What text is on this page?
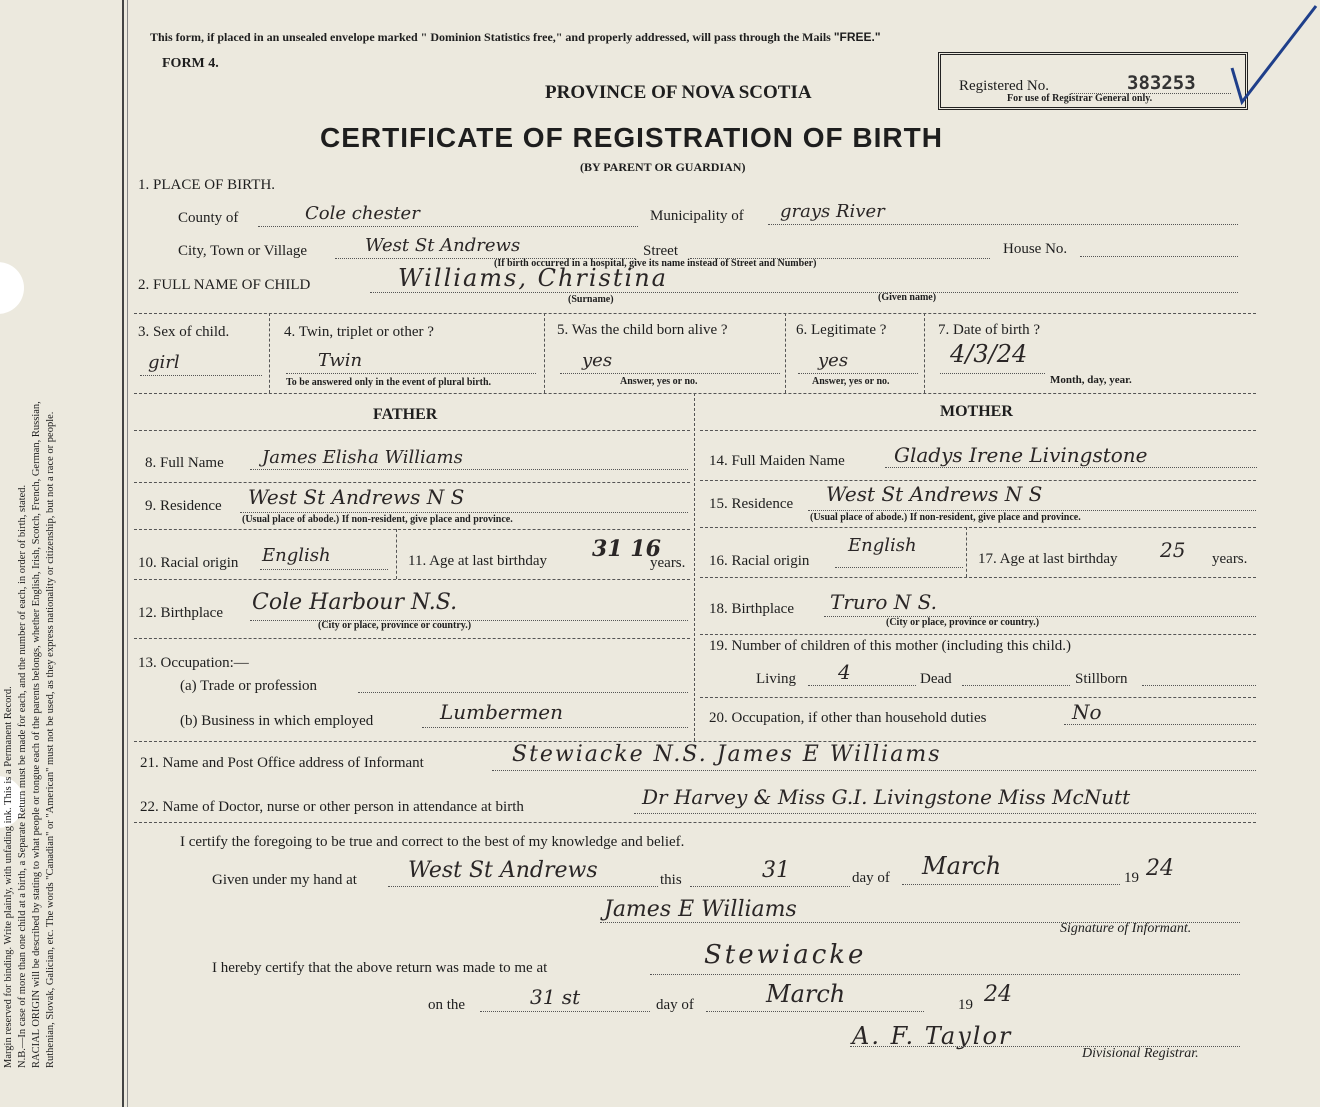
Margin reserved for binding. Write plainly, with unfading ink. This is a Permanent Record. N.B.—In case of more than one child at a birth, a Separate Return must be made for each, and the number of each, in order of birth, stated. RACIAL ORIGIN will be described by stating to what people or tongue each of the parents belongs, whether English, Irish, Scotch, French, German, Russian, Ruthenian, Slovak, Galician, etc. The words "Canadian" or "American" must not be used, as they express nationality or citizenship, but not a race or people.
This form, if placed in an unsealed envelope marked " Dominion Statistics free," and properly addressed, will pass through the Mails "FREE."
FORM 4.
Registered No.	383253
For use of Registrar General only.
PROVINCE OF NOVA SCOTIA
CERTIFICATE OF REGISTRATION OF BIRTH
(BY PARENT OR GUARDIAN)
1. PLACE OF BIRTH.
County of	Cole chester	Municipality of grays River
City, Town or Village	West St Andrews	Street	House No.
(If birth occurred in a hospital, give its name instead of Street and Number)
2. FULL NAME OF CHILD	Williams, Christina
(Surname)	(Given name)
3. Sex of child.
girl
4. Twin, triplet or other ?
Twin
To be answered only in the event of plural birth.
5. Was the child born alive ?
yes
Answer, yes or no.
6. Legitimate ?
yes
Answer, yes or no.
7. Date of birth ?
4/3/24
Month, day, year.
FATHER	MOTHER
8. Full Name James Elisha Williams
9. Residence West St Andrews N S
(Usual place of abode.) If non-resident, give place and province.
10. Racial origin English	11. Age at last birthday 31 16
years.
12. Birthplace Cole Harbour N.S.
(City or place, province or country.)
13. Occupation:—
(a) Trade or profession
(b) Business in which employed	Lumbermen
14. Full Maiden Name Gladys Irene Livingstone
15. Residence West St Andrews N S
(Usual place of abode.) If non-resident, give place and province.
16. Racial origin
English
17. Age at last birthday 25 years.
18. Birthplace Truro N S.
(City or place, province or country.)
19. Number of children of this mother (including this child.)
Living 4	Dead	Stillborn
20. Occupation, if other than household duties	No
21. Name and Post Office address of Informant	Stewiacke N.S. James E Williams
22. Name of Doctor, nurse or other person in attendance at birth	Dr Harvey & Miss G.I. Livingstone Miss McNutt
I certify the foregoing to be true and correct to the best of my knowledge and belief.
Given under my hand at West St Andrews	this	31	day of March	19 24
James E Williams
Signature of Informant.
I hereby certify that the above return was made to me at	Stewiacke
on the	31 st	day of	March	19 24
A. F. Taylor
Divisional Registrar.
